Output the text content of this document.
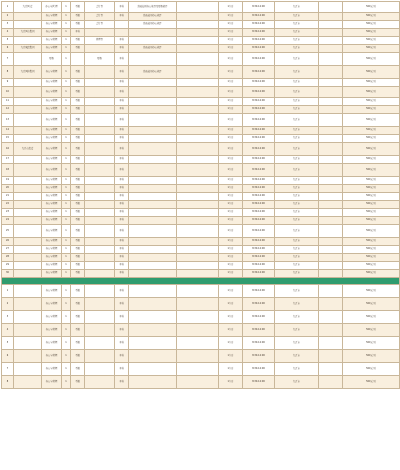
1	九江国 资	办公室管 理	1	不限	会计类	本科	熟练使用办公软件及财务软件		1个月	8:30-12:00	九江市		500元/月
2		办公室管理	1	不限	会计类	本科	熟练使用办公软件		1个月	8:30-12:00	九江市		500元/月
3		办公室管理	1	不限	会计类		熟练使用办公软件		1个月	8:30-12:00	九江市		500元/月
4	九江国有集团	办公室管理	1	本科					1个月	8:30-12:00	九江市		500元/月
5		办公室管理	1	不限	管理类	本科			1个月	8:30-12:00	九江市		500元/月
6	九江城投集团	办公室管理	1	不限		本科	熟练使用办公软件		1个月	8:30-12:00	九江市		500元/月
7		财务	1		财务	本科			1个月	8:30-12:00	九江市		500元/月
8	九江国控集团	办公室管理	1	不限		本科	熟练使用办公软件		1个月	8:30-12:00	九江市		500元/月
9		办公室管理	1	不限		本科			1个月	8:30-12:00	九江市		500元/月
10		办公室管理	1	不限		本科			1个月	8:30-12:00	九江市		500元/月
11		办公室管理	1	不限		本科			1个月	8:30-12:00	九江市		500元/月
12		办公室管理	1	不限		本科			1个月	8:30-12:00	九江市		500元/月
13		办公室管理	1	不限		本科			1个月	8:30-12:00	九江市		500元/月
14		办公室管理	1	不限		本科			1个月	8:30-12:00	九江市		500元/月
15		办公室管理	1	不限		本科			1个月	8:30-12:00	九江市		500元/月
16	九江市投资	办公室管理	1	不限		本科			1个月	8:30-12:00	九江市		500元/月
17		办公室管理	1	不限		本科			1个月	8:30-12:00	九江市		500元/月
18		办公室管理	1	不限		本科			1个月	8:30-12:00	九江市		500元/月
19		办公室管理	1	不限		本科			1个月	8:30-12:00	九江市		500元/月
20		办公室管理	1	不限		本科			1个月	8:30-12:00	九江市		500元/月
21		办公室管理	1	不限		本科			1个月	8:30-12:00	九江市		500元/月
22		办公室管理	1	不限		本科			1个月	8:30-12:00	九江市		500元/月
23		办公室管理	1	不限		本科			1个月	8:30-12:00	九江市		500元/月
24		办公室管理	1	不限		本科			1个月	8:30-12:00	九江市		500元/月
25		办公室管理	1	不限		本科			1个月	8:30-12:00	九江市		500元/月
26		办公室管理	1	不限		本科			1个月	8:30-12:00	九江市		500元/月
27		办公室管理	1	不限		本科			1个月	8:30-12:00	九江市		500元/月
28		办公室管理	1	不限		本科			1个月	8:30-12:00	九江市		500元/月
29		办公室管理	1	不限		本科			1个月	8:30-12:00	九江市		500元/月
30		办公室管理	1	不限		本科			1个月	8:30-12:00	九江市		500元/月

1		办公室管理	1	不限		本科			1个月	8:30-12:00	九江市		500元/月
2		办公室管理	1	不限		本科			1个月	8:30-12:00	九江市		500元/月
3		办公室管理	1	不限		本科			1个月	8:30-12:00	九江市		500元/月
4		办公室管理	1	不限		本科			1个月	8:30-12:00	九江市		500元/月
5		办公室管理	1	不限		本科			1个月	8:30-12:00	九江市		500元/月
6		办公室管理	1	不限		本科			1个月	8:30-12:00	九江市		500元/月
7		办公室管理	1	不限		本科			1个月	8:30-12:00	九江市		500元/月
8		办公室管理	1	不限		本科			1个月	8:30-12:00	九江市		500元/月
